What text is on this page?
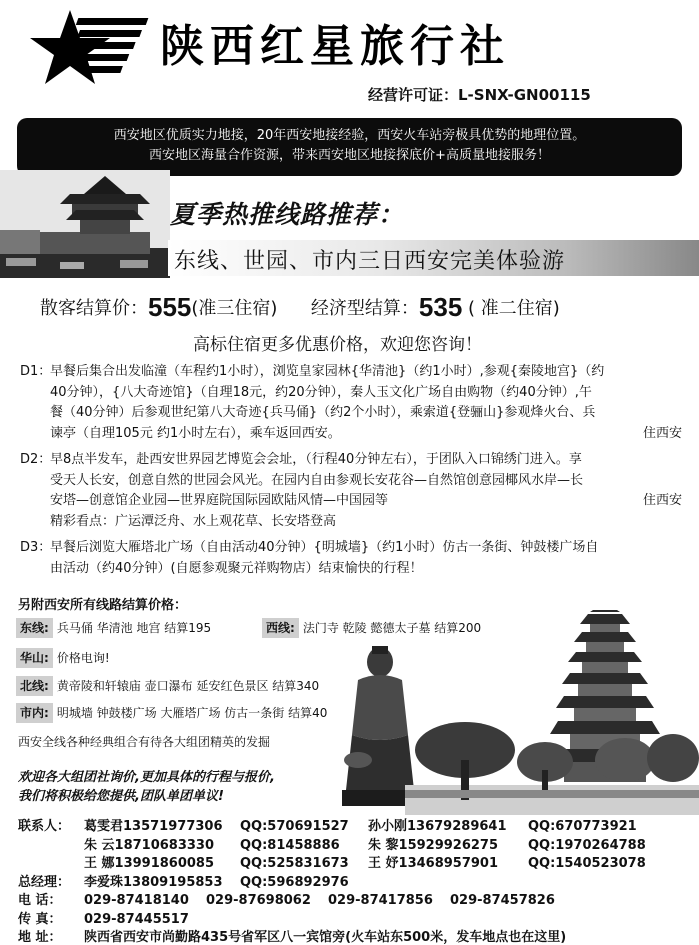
陕西红星旅行社
经营许可证：L-SNX-GN00115
西安地区优质实力地接，20年西安地接经验，西安火车站旁极具优势的地理位置。
西安地区海量合作资源，带来西安地区地接探底价+高质量地接服务！
夏季热推线路推荐：
东线、世园、市内三日西安完美体验游
散客结算价：555(准三住宿) 经济型结算：535 ( 准二住宿)
高标住宿更多优惠价格，欢迎您咨询！
D1：早餐后集合出发临潼（车程约1小时），浏览皇家园林{华清池}（约1小时）,参观{秦陵地宫}（约
40分钟），{八大奇迹馆}（自理18元，约20分钟），秦人玉文化广场自由购物（约40分钟）,午
餐（40分钟）后参观世纪第八大奇迹{兵马俑}（约2个小时），乘索道{登骊山}参观烽火台、兵
谏亭（自理105元 约1小时左右），乘车返回西安。	住西安
D2：早8点半发车，赴西安世界园艺博览会会址，（行程40分钟左右），于团队入口锦绣门进入。享
受天人长安，创意自然的世园会风光。在园内自由参观长安花谷—自然馆创意园椰风水岸—长
安塔—创意馆企业园—世界庭院国际园欧陆风情—中国园等	住西安
精彩看点：广运潭泛舟、水上观花草、长安塔登高
D3：早餐后浏览大雁塔北广场（自由活动40分钟）{明城墙}（约1小时）仿古一条街、钟鼓楼广场自
由活动（约40分钟）(自愿参观聚元祥购物店）结束愉快的行程！
另附西安所有线路结算价格：
东线: 兵马俑 华清池 地宫 结算195	西线: 法门寺 乾陵 懿德太子墓 结算200
华山: 价格电询!
北线: 黄帝陵和轩辕庙 壶口瀑布 延安红色景区 结算340
市内: 明城墙 钟鼓楼广场 大雁塔广场 仿古一条街 结算40
西安全线各种经典组合有待各大组团精英的发掘
欢迎各大组团社询价,更加具体的行程与报价,
我们将积极给您提供,团队单团单议!
联系人： 葛雯君13571977306 QQ:570691527 孙小刚13679289641 QQ:670773921
朱 云18710683330 QQ:81458886 朱 黎15929926275 QQ:1970264788
王 娜13991860085 QQ:525831673 王 妤13468957901 QQ:1540523078
总经理： 李爱珠13809195853 QQ:596892976
电 话： 029-87418140 029-87698062 029-87417856 029-87457826
传 真： 029-87445517
地 址： 陕西省西安市尚勤路435号省军区八一宾馆旁(火车站东500米，发车地点也在这里)
